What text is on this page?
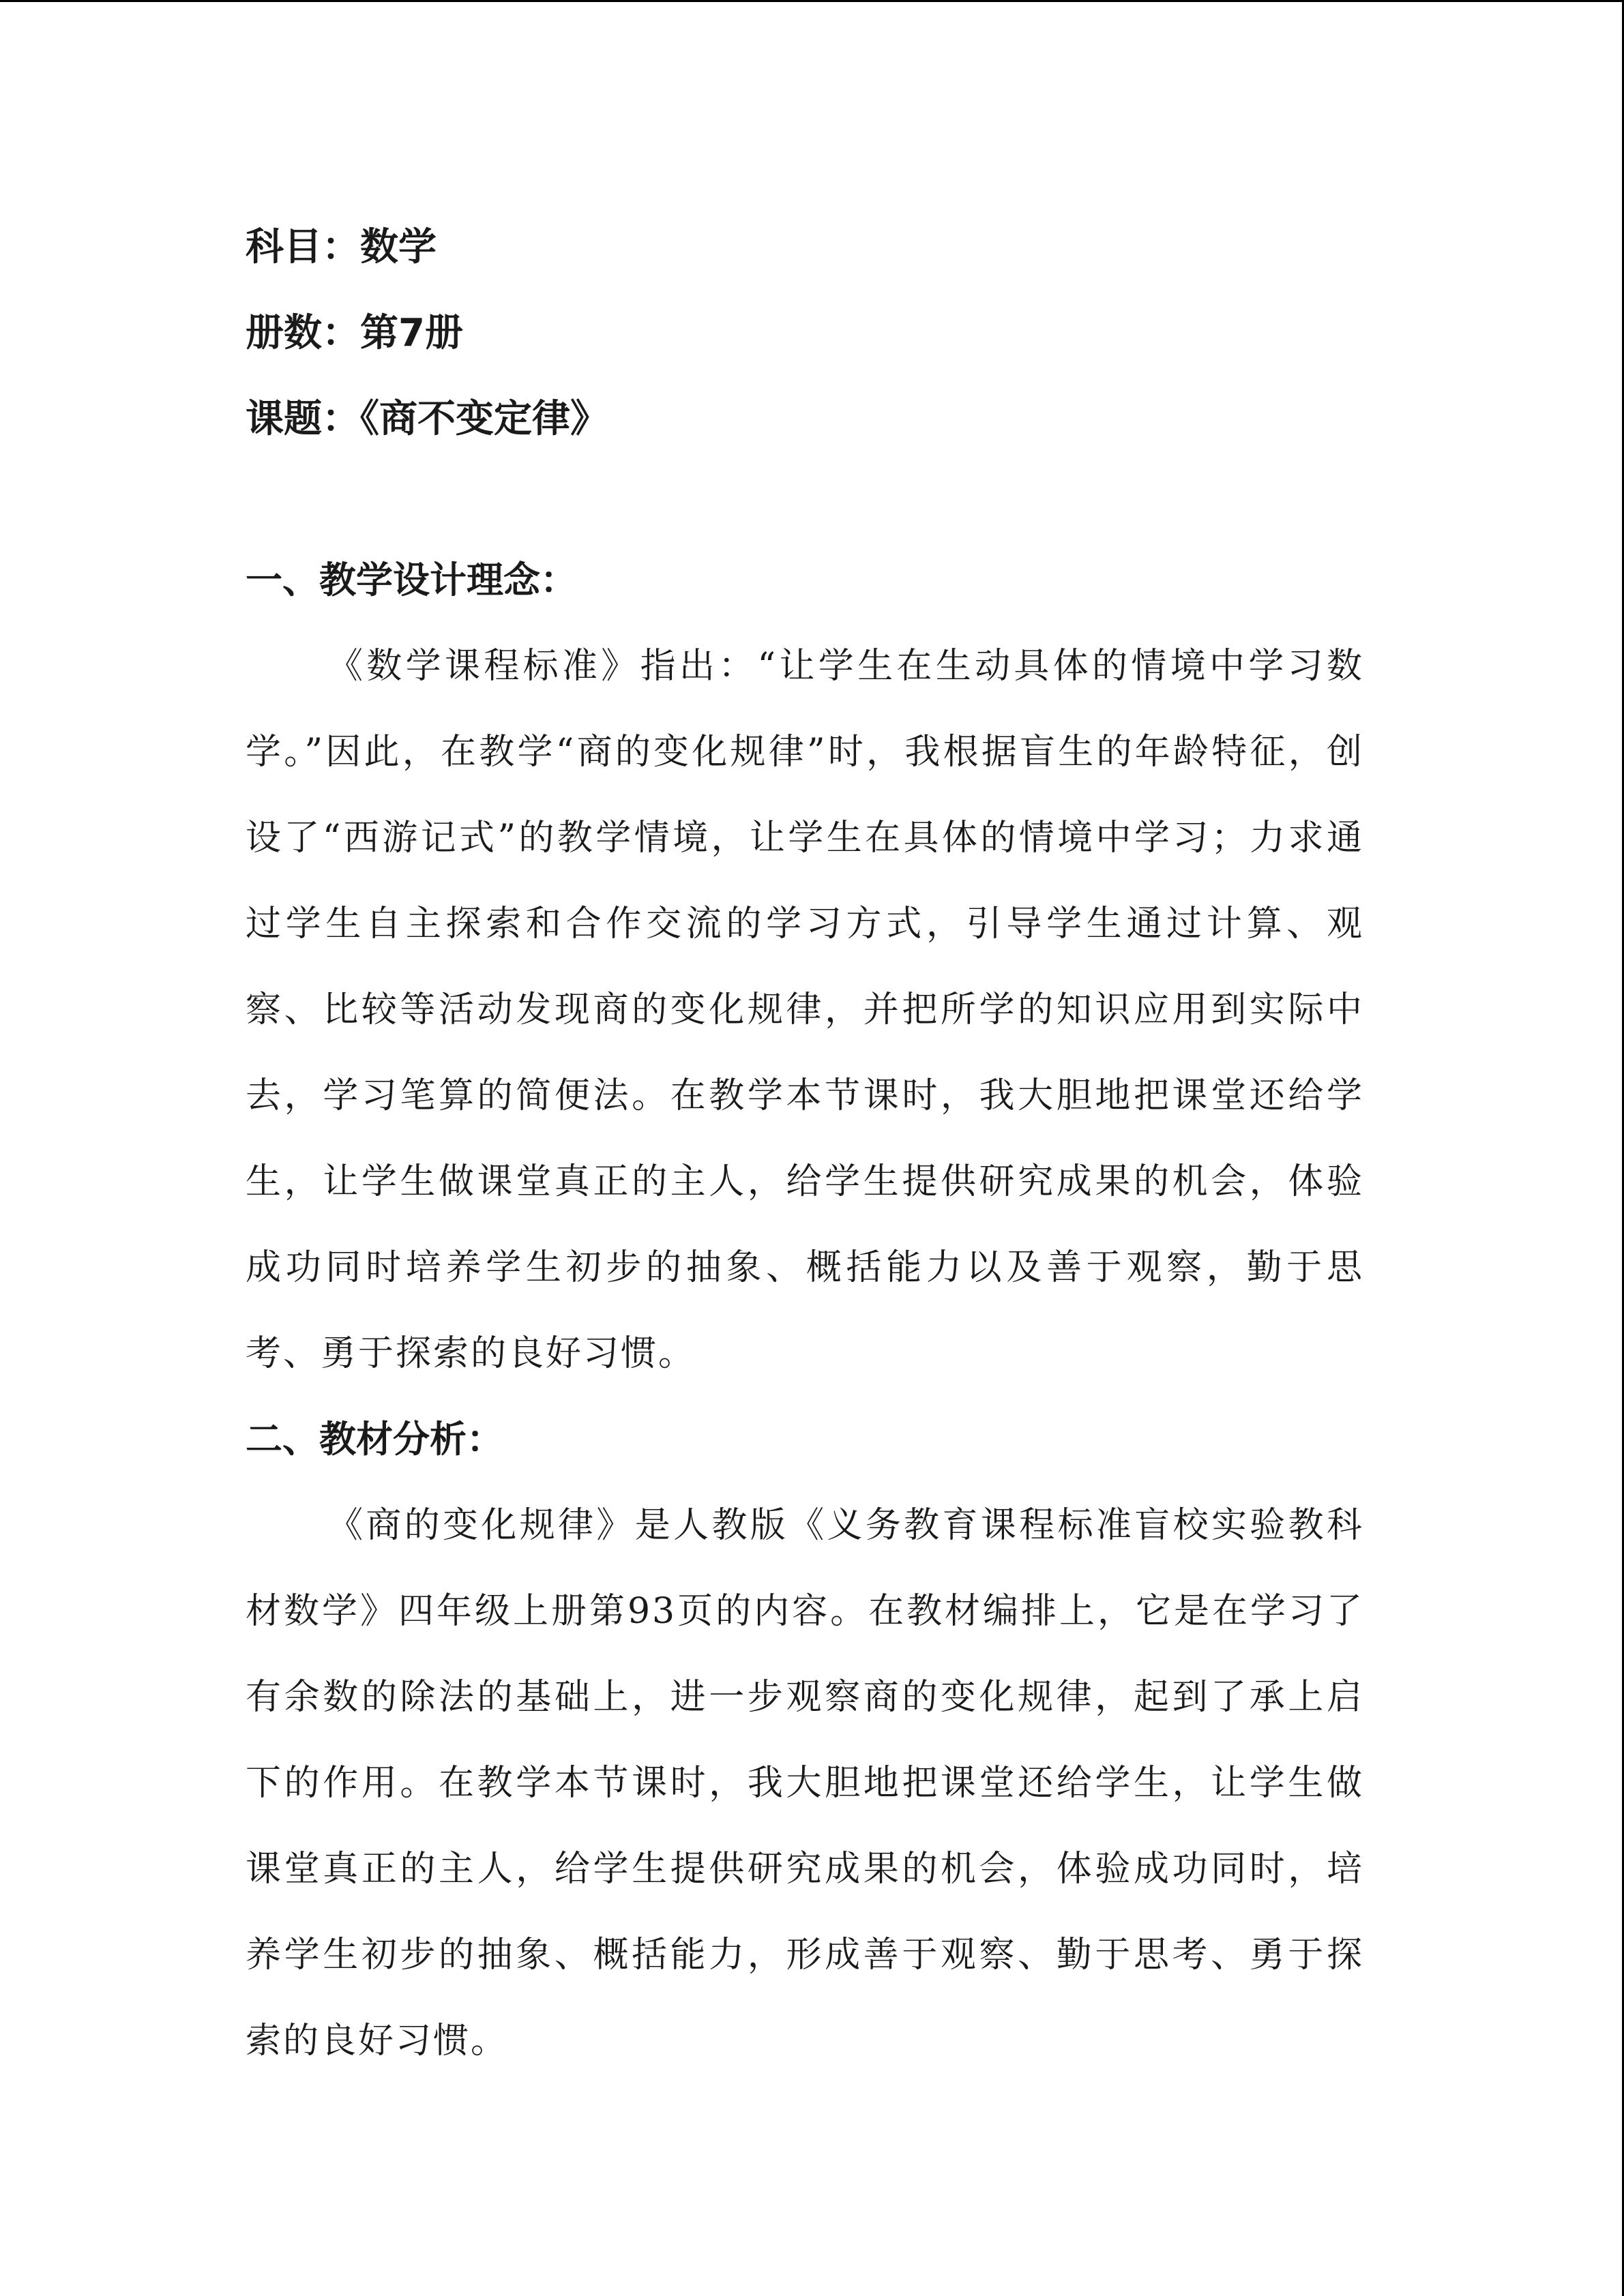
科目：数学
册数：第7册
课题：《商不变定律》
一、教学设计理念：

《数学课程标准》指出：“让学生在生动具体的情境中学习数学。”因此，在教学“商的变化规律”时，我根据盲生的年龄特征，创设了“西游记式”的教学情境，让学生在具体的情境中学习；力求通过学生自主探索和合作交流的学习方式，引导学生通过计算、观察、比较等活动发现商的变化规律，并把所学的知识应用到实际中去，学习笔算的简便法。在教学本节课时，我大胆地把课堂还给学生，让学生做课堂真正的主人，给学生提供研究成果的机会，体验成功同时培养学生初步的抽象、概括能力以及善于观察，勤于思考、勇于探索的良好习惯。

二、教材分析：

《商的变化规律》是人教版《义务教育课程标准盲校实验教科材数学》四年级上册第93页的内容。在教材编排上，它是在学习了有余数的除法的基础上，进一步观察商的变化规律，起到了承上启下的作用。在教学本节课时，我大胆地把课堂还给学生，让学生做课堂真正的主人，给学生提供研究成果的机会，体验成功同时，培养学生初步的抽象、概括能力，形成善于观察、勤于思考、勇于探索的良好习惯。
